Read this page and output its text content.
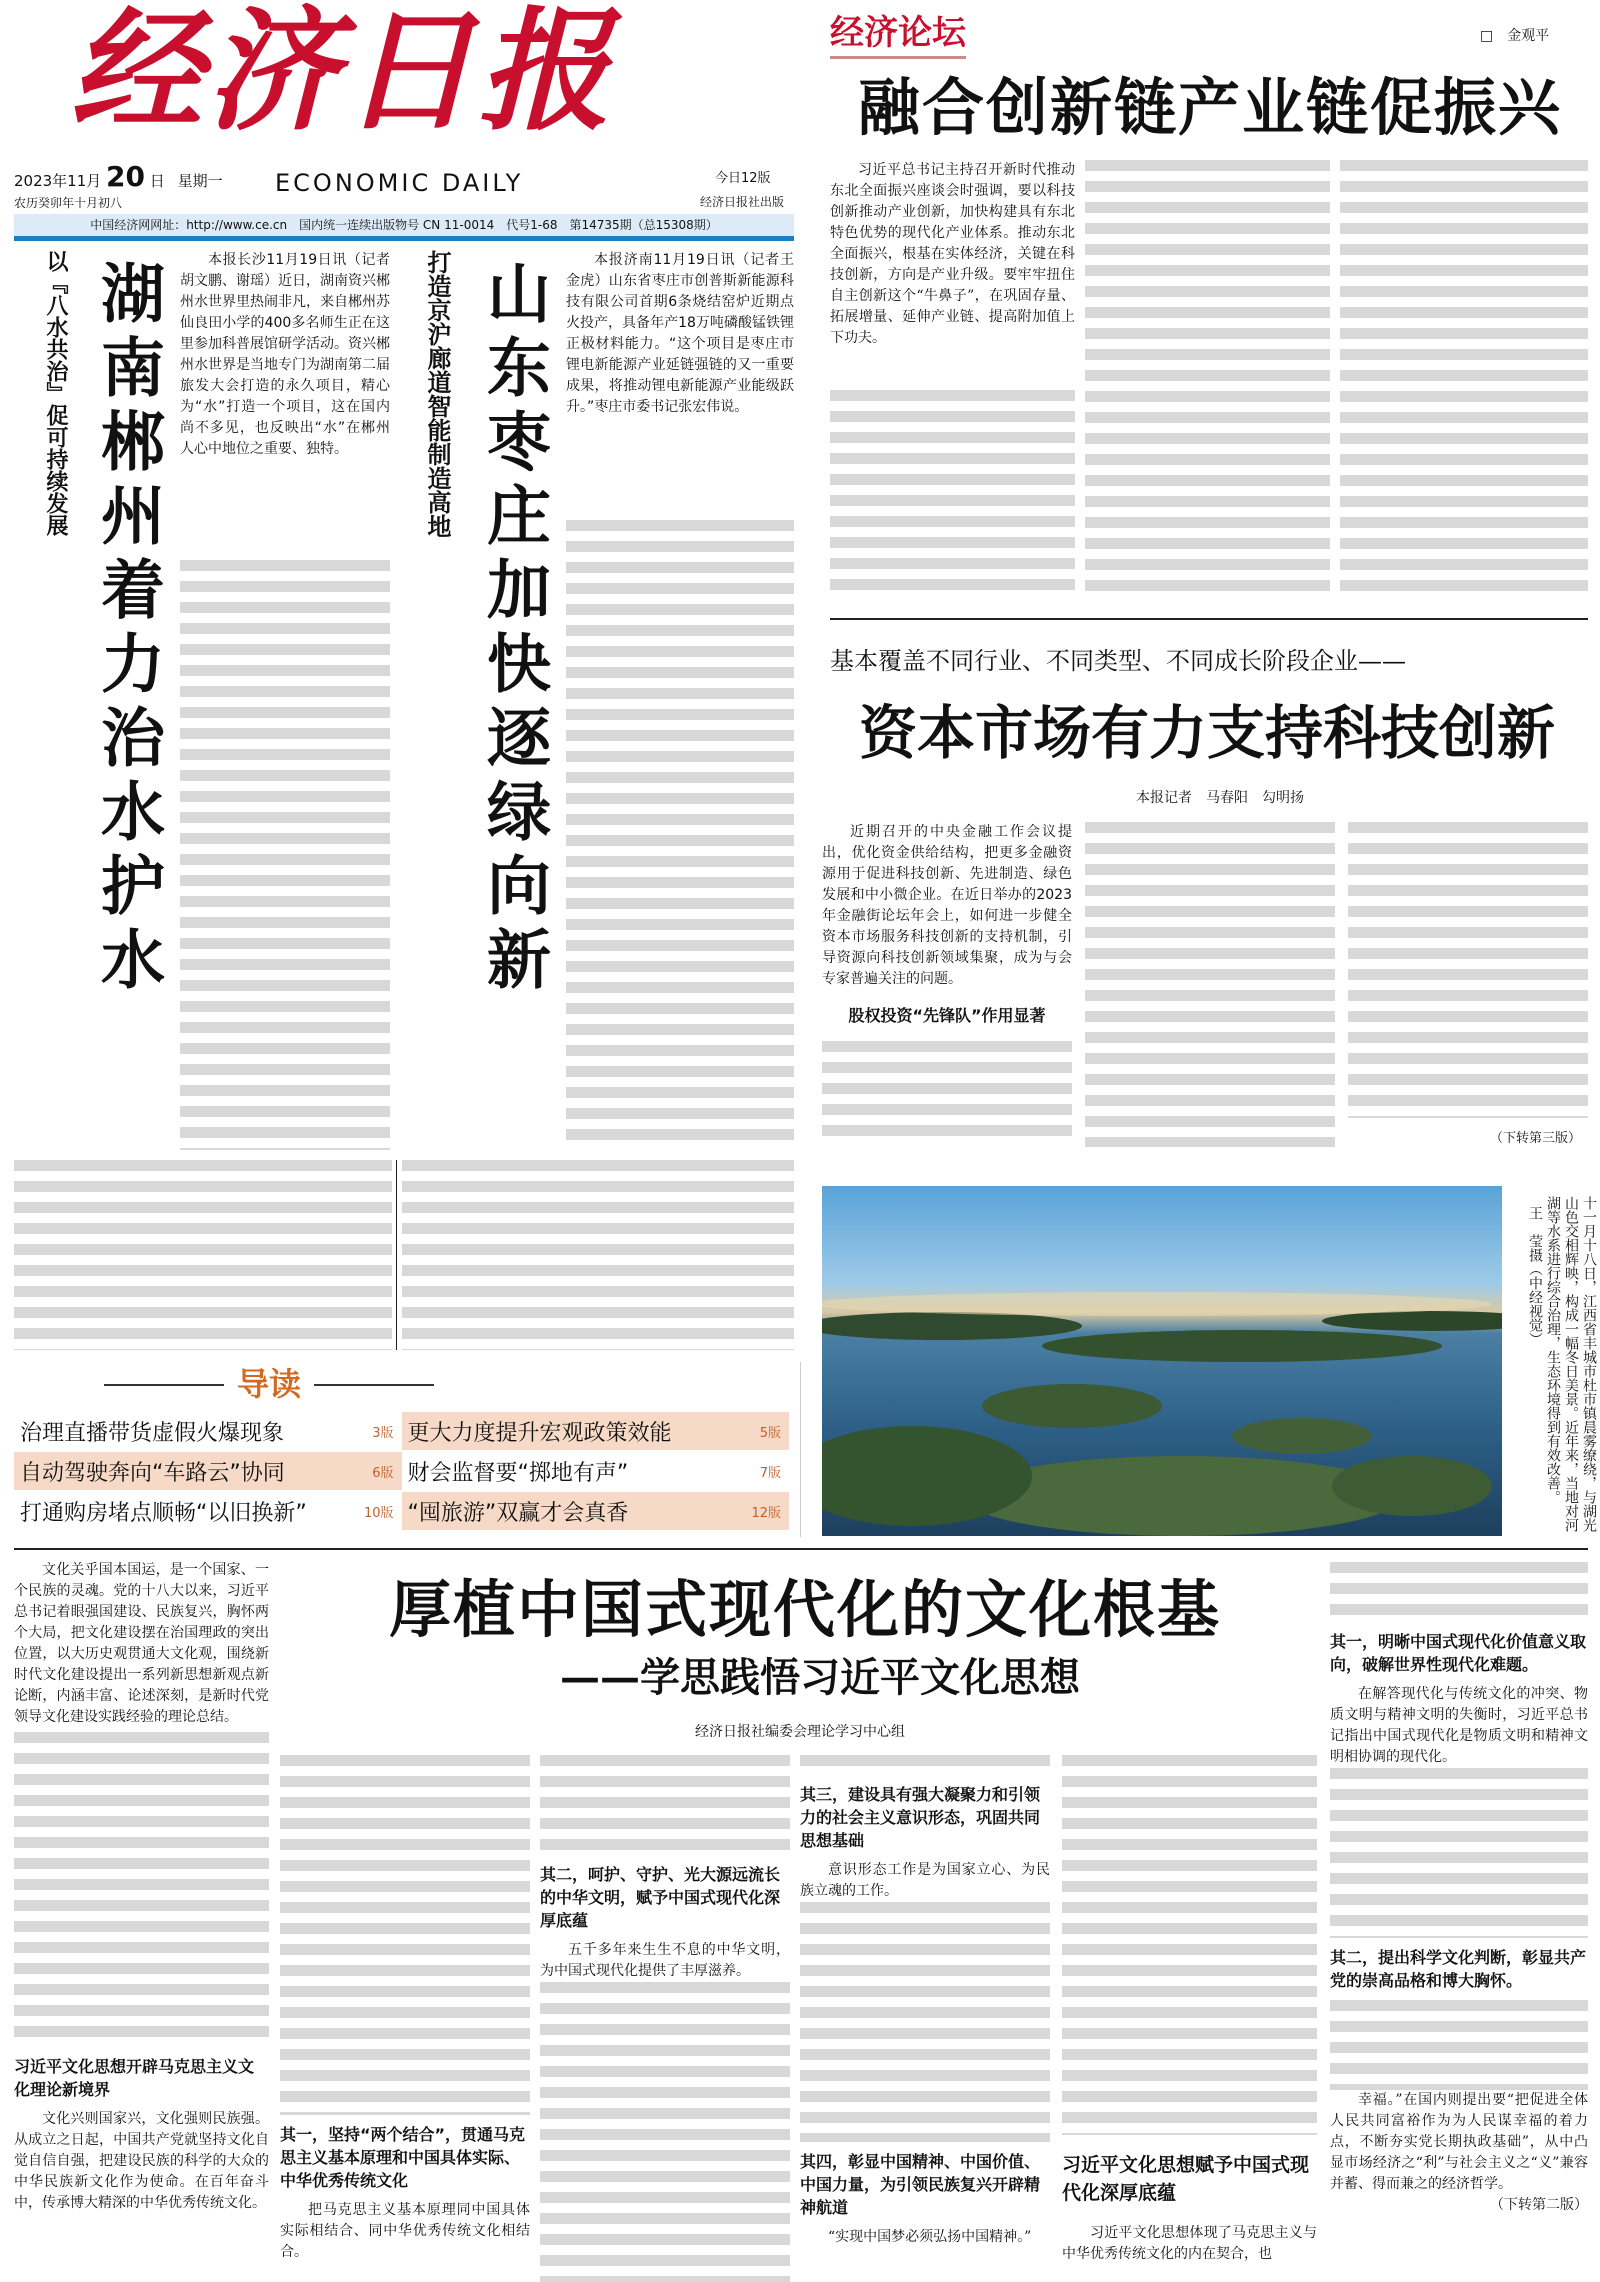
经济日报
2023年11月 20 日 星期一
农历癸卯年十月初八
ECONOMIC DAILY	今日12版
经济日报社出版
中国经济网网址：http://www.ce.cn　国内统一连续出版物号 CN 11-0014　代号1-68　第14735期（总15308期）
以『八水共治』促可持续发展 湖南郴州着力治水护水	本报长沙11月19日讯（记者胡文鹏、谢瑶）近日，湖南资兴郴州水世界里热闹非凡，来自郴州苏仙良田小学的400多名师生正在这里参加科普展馆研学活动。资兴郴州水世界是当地专门为湖南第二届旅发大会打造的永久项目，精心为“水”打造一个项目，这在国内尚不多见，也反映出“水”在郴州人心中地位之重要、独特。	打造京沪廊道智能制造高地 山东枣庄加快逐绿向新	本报济南11月19日讯（记者王金虎）山东省枣庄市创普斯新能源科技有限公司首期6条烧结窑炉近期点火投产，具备年产18万吨磷酸锰铁锂正极材料能力。“这个项目是枣庄市锂电新能源产业延链强链的又一重要成果，将推动锂电新能源产业能级跃升。”枣庄市委书记张宏伟说。

导读
治理直播带货虚假火爆现象	3版 更大力度提升宏观政策效能	5版
自动驾驶奔向“车路云”协同	6版 财会监督要“掷地有声”	7版
打通购房堵点顺畅“以旧换新”	10版 “囤旅游”双赢才会真香	12版
经济论坛	□　金观平
融合创新链产业链促振兴

习近平总书记主持召开新时代推动东北全面振兴座谈会时强调，要以科技创新推动产业创新，加快构建具有东北特色优势的现代化产业体系。推动东北全面振兴，根基在实体经济，关键在科技创新，方向是产业升级。要牢牢扭住自主创新这个“牛鼻子”，在巩固存量、拓展增量、延伸产业链、提高附加值上下功夫。

基本覆盖不同行业、不同类型、不同成长阶段企业——
资本市场有力支持科技创新
本报记者　马春阳　勾明扬

近期召开的中央金融工作会议提出，优化资金供给结构，把更多金融资源用于促进科技创新、先进制造、绿色发展和中小微企业。在近日举办的2023年金融街论坛年会上，如何进一步健全资本市场服务科技创新的支持机制，引导资源向科技创新领域集聚，成为与会专家普遍关注的问题。

股权投资“先锋队”作用显著
（下转第三版）
十一月十八日，江西省丰城市杜市镇晨雾缭绕，与湖光山色交相辉映，构成一幅冬日美景。近年来，当地对河湖等水系进行综合治理，生态环境得到有效改善。 王　莹摄（中经视觉）

文化关乎国本国运，是一个国家、一个民族的灵魂。党的十八大以来，习近平总书记着眼强国建设、民族复兴，胸怀两个大局，把文化建设摆在治国理政的突出位置，以大历史观贯通大文化观，围绕新时代文化建设提出一系列新思想新观点新论断，内涵丰富、论述深刻，是新时代党领导文化建设实践经验的理论总结。

习近平文化思想开辟马克思主义文化理论新境界

文化兴则国家兴，文化强则民族强。从成立之日起，中国共产党就坚持文化自觉自信自强，把建设民族的科学的大众的中华民族新文化作为使命。在百年奋斗中，传承博大精深的中华优秀传统文化。

厚植中国式现代化的文化根基
——学思践悟习近平文化思想
经济日报社编委会理论学习中心组
其一，坚持“两个结合”，贯通马克思主义基本原理和中国具体实际、中华优秀传统文化

把马克思主义基本原理同中国具体实际相结合、同中华优秀传统文化相结合。

其二，呵护、守护、光大源远流长的中华文明，赋予中国式现代化深厚底蕴

五千多年来生生不息的中华文明，为中国式现代化提供了丰厚滋养。

其三，建设具有强大凝聚力和引领力的社会主义意识形态，巩固共同思想基础

意识形态工作是为国家立心、为民族立魂的工作。

其四，彰显中国精神、中国价值、中国力量，为引领民族复兴开辟精神航道

“实现中国梦必须弘扬中国精神。”

习近平文化思想赋予中国式现代化深厚底蕴

习近平文化思想体现了马克思主义与中华优秀传统文化的内在契合，也

其一，明晰中国式现代化价值意义取向，破解世界性现代化难题。

在解答现代化与传统文化的冲突、物质文明与精神文明的失衡时，习近平总书记指出中国式现代化是物质文明和精神文明相协调的现代化。

其二，提出科学文化判断，彰显共产党的崇高品格和博大胸怀。

幸福。”在国内则提出要“把促进全体人民共同富裕作为为人民谋幸福的着力点，不断夯实党长期执政基础”，从中凸显市场经济之“利”与社会主义之“义”兼容并蓄、得而兼之的经济哲学。

（下转第二版）
